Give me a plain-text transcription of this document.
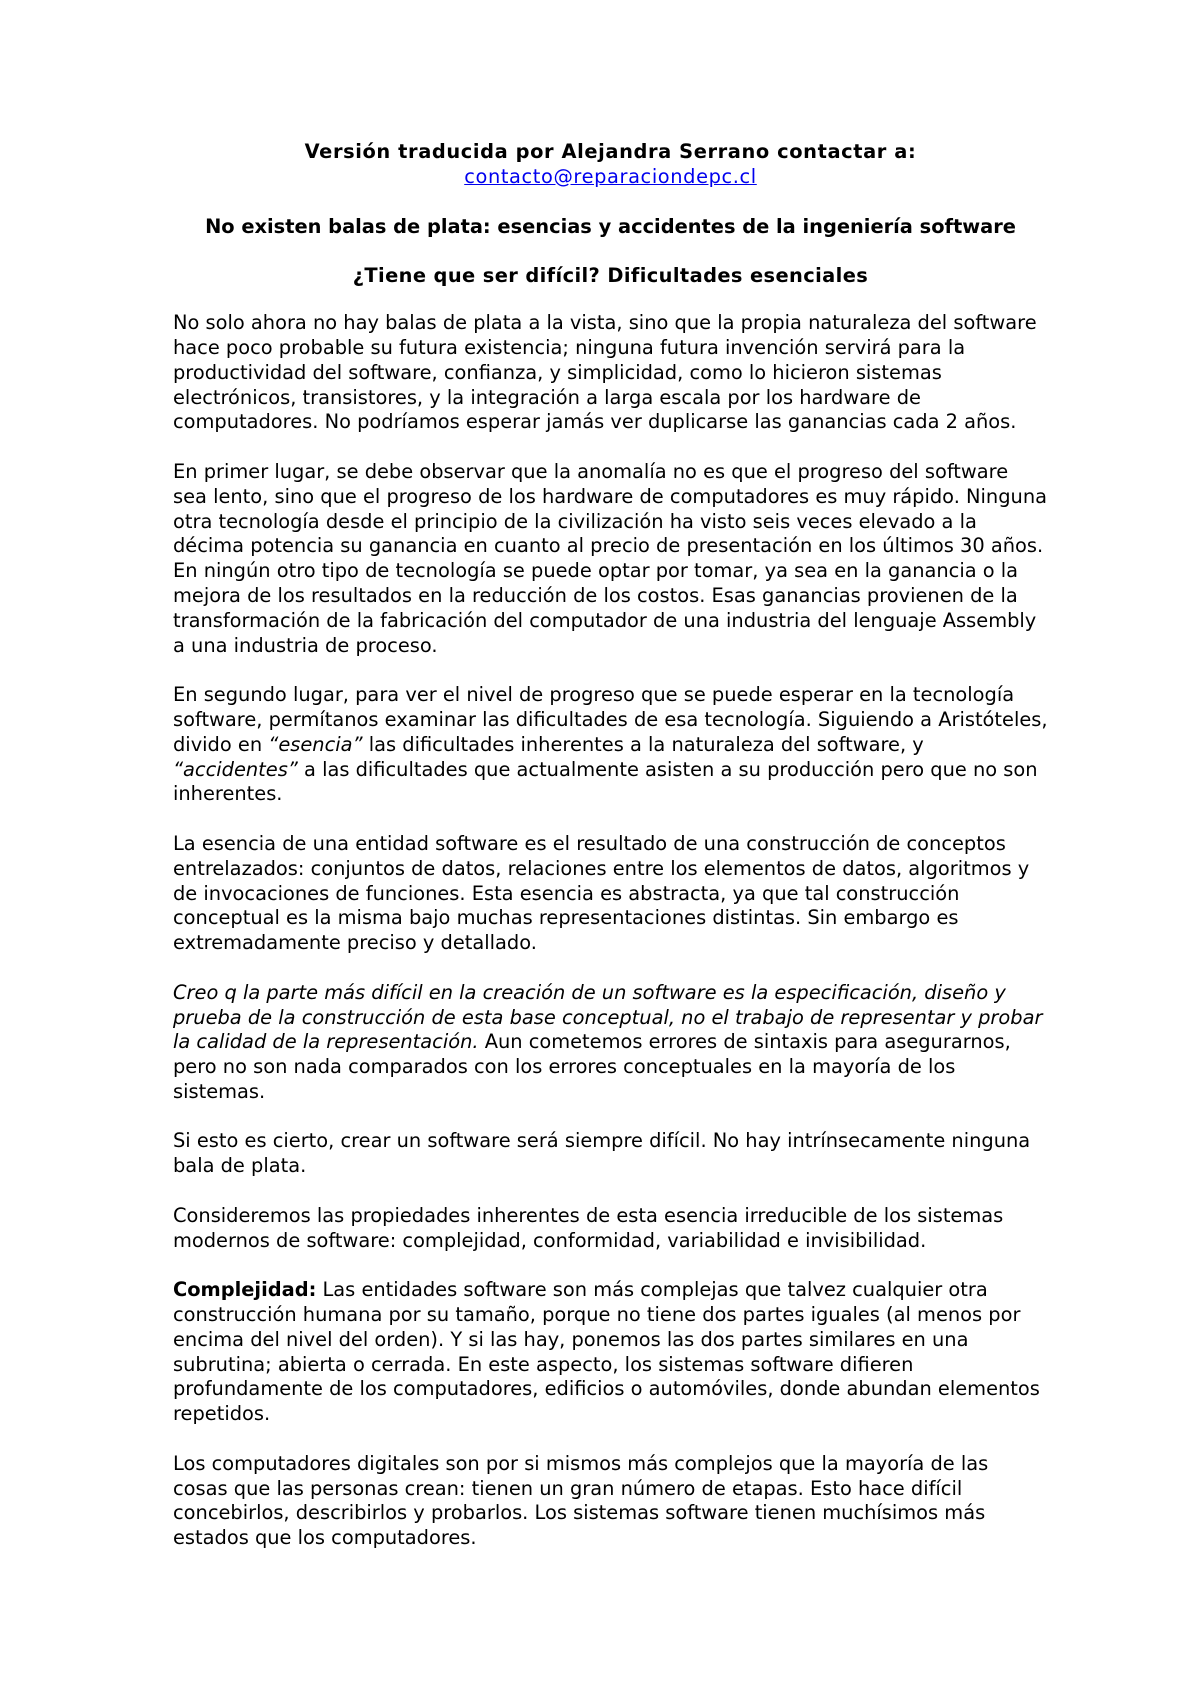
Versión traducida por Alejandra Serrano contactar a:
contacto@reparaciondepc.cl
No existen balas de plata: esencias y accidentes de la ingeniería software
¿Tiene que ser difícil? Dificultades esenciales

No solo ahora no hay balas de plata a la vista, sino que la propia naturaleza del software hace poco probable su futura existencia; ninguna futura invención servirá para la productividad del software, confianza, y simplicidad, como lo hicieron sistemas electrónicos, transistores, y la integración a larga escala por los hardware de computadores. No podríamos esperar jamás ver duplicarse las ganancias cada 2 años.

En primer lugar, se debe observar que la anomalía no es que el progreso del software sea lento, sino que el progreso de los hardware de computadores es muy rápido. Ninguna otra tecnología desde el principio de la civilización ha visto seis veces elevado a la décima potencia su ganancia en cuanto al precio de presentación en los últimos 30 años. En ningún otro tipo de tecnología se puede optar por tomar, ya sea en la ganancia o la mejora de los resultados en la reducción de los costos. Esas ganancias provienen de la transformación de la fabricación del computador de una industria del lenguaje Assembly a una industria de proceso.

En segundo lugar, para ver el nivel de progreso que se puede esperar en la tecnología software, permítanos examinar las dificultades de esa tecnología. Siguiendo a Aristóteles, divido en “esencia” las dificultades inherentes a la naturaleza del software, y “accidentes” a las dificultades que actualmente asisten a su producción pero que no son inherentes.

La esencia de una entidad software es el resultado de una construcción de conceptos entrelazados: conjuntos de datos, relaciones entre los elementos de datos, algoritmos y de invocaciones de funciones. Esta esencia es abstracta, ya que tal construcción conceptual es la misma bajo muchas representaciones distintas. Sin embargo es extremadamente preciso y detallado.

Creo q la parte más difícil en la creación de un software es la especificación, diseño y prueba de la construcción de esta base conceptual, no el trabajo de representar y probar la calidad de la representación. Aun cometemos errores de sintaxis para asegurarnos, pero no son nada comparados con los errores conceptuales en la mayoría de los sistemas.

Si esto es cierto, crear un software será siempre difícil. No hay intrínsecamente ninguna bala de plata.

Consideremos las propiedades inherentes de esta esencia irreducible de los sistemas modernos de software: complejidad, conformidad, variabilidad e invisibilidad.

Complejidad: Las entidades software son más complejas que talvez cualquier otra construcción humana por su tamaño, porque no tiene dos partes iguales (al menos por encima del nivel del orden). Y si las hay, ponemos las dos partes similares en una subrutina; abierta o cerrada. En este aspecto, los sistemas software difieren profundamente de los computadores, edificios o automóviles, donde abundan elementos repetidos.

Los computadores digitales son por si mismos más complejos que la mayoría de las cosas que las personas crean: tienen un gran número de etapas. Esto hace difícil concebirlos, describirlos y probarlos. Los sistemas software tienen muchísimos más estados que los computadores.
